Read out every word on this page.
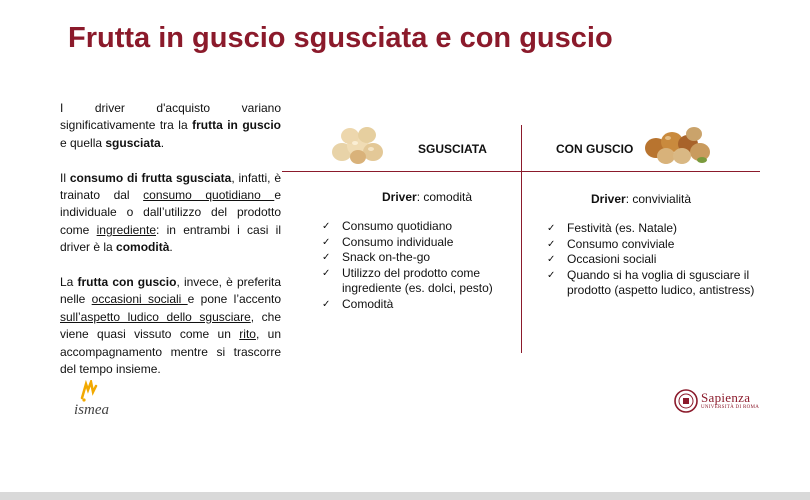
Frutta in guscio sgusciata e con guscio

I driver d'acquisto variano significativamente tra la frutta in guscio e quella sgusciata.

Il consumo di frutta sgusciata, infatti, è trainato dal consumo quotidiano e individuale o dall’utilizzo del prodotto come ingrediente: in entrambi i casi il driver è la comodità.

La frutta con guscio, invece, è preferita nelle occasioni sociali e pone l’accento sull’aspetto ludico dello sgusciare, che viene quasi vissuto come un rito, un accompagnamento mentre si trascorre del tempo insieme.

SGUSCIATA	CON GUSCIO
Driver: comodità	Driver: convivialità
✓ Consumo quotidiano
✓ Consumo individuale
✓ Snack on-the-go
✓ Utilizzo del prodotto come ingrediente (es. dolci, pesto)
✓ Comodità
✓ Festività (es. Natale)
✓ Consumo conviviale
✓ Occasioni sociali
✓ Quando si ha voglia di sgusciare il prodotto (aspetto ludico, antistress)
ismea
Sapienza
UNIVERSITÀ DI ROMA
